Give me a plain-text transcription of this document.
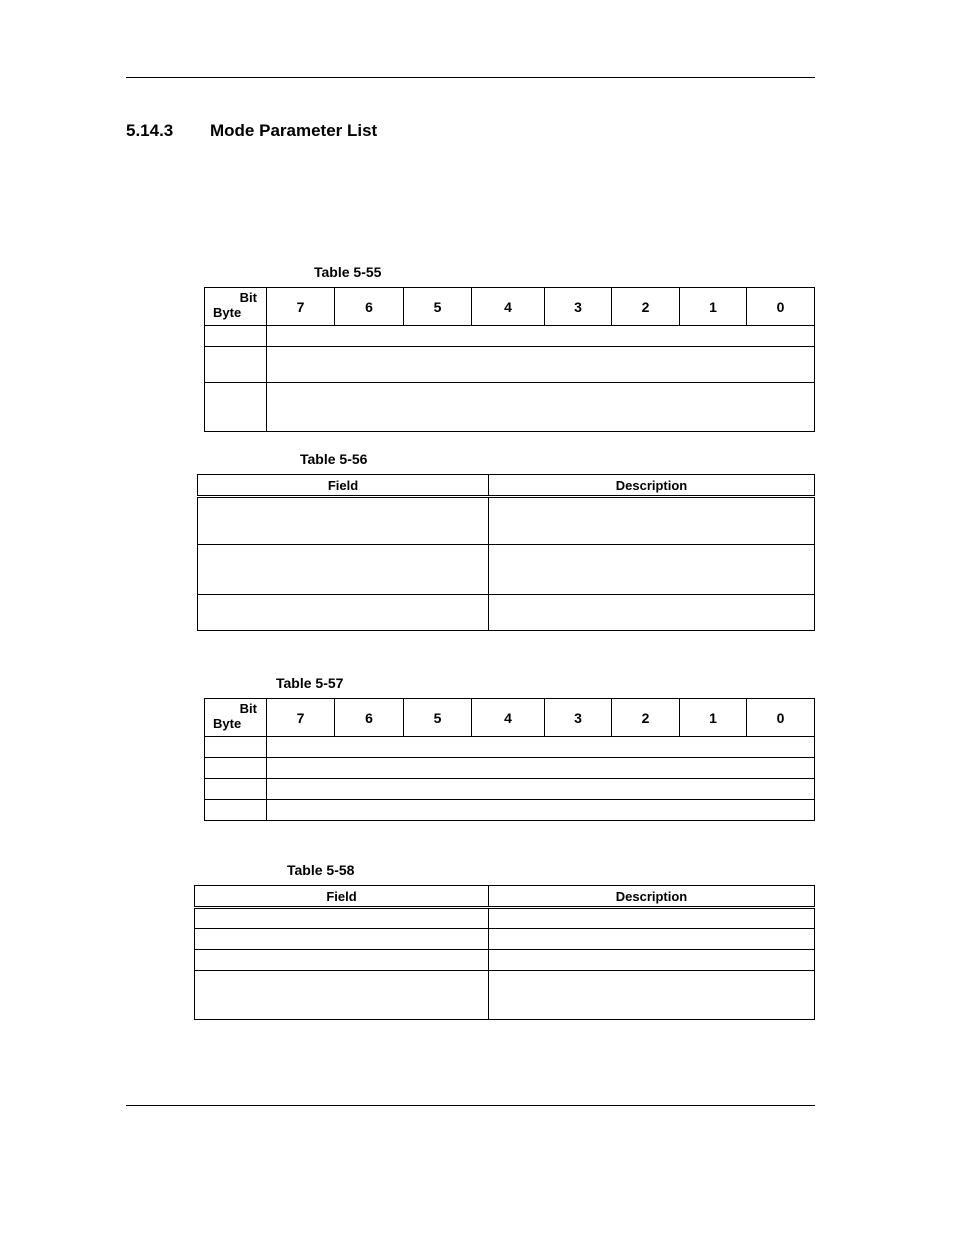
5.14.3 Mode Parameter List
Table 5-55
Bit
Byte	7	6	5	4	3	2	1	0

Table 5-56
Field	Description

Table 5-57
Bit
Byte	7	6	5	4	3	2	1	0

Table 5-58
Field	Description
